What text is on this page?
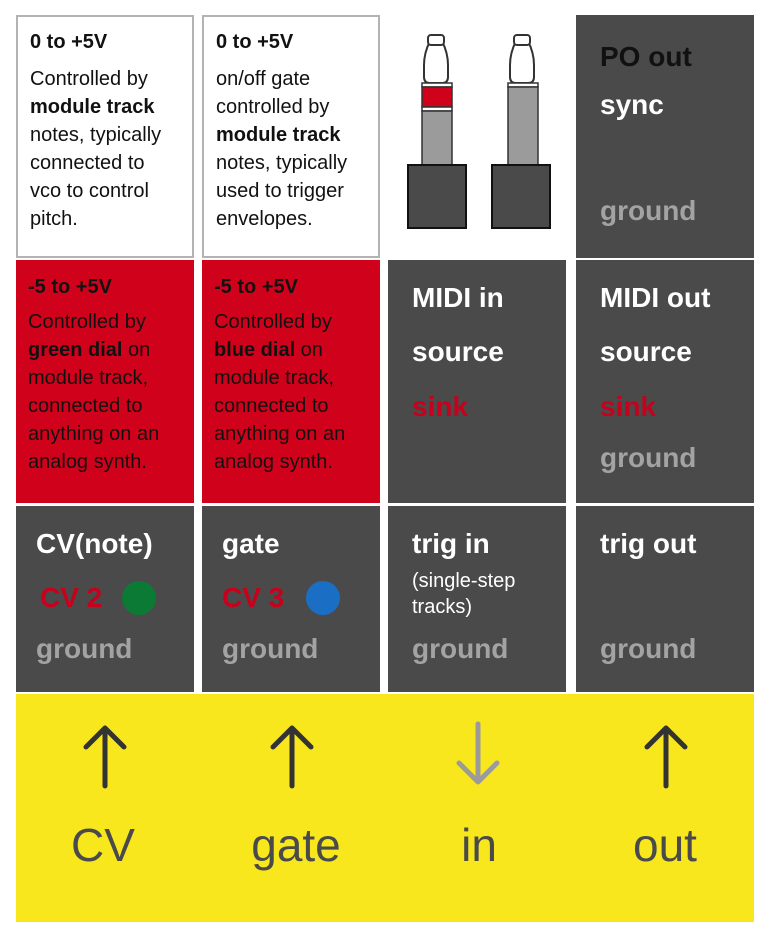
0 to +5V
Controlled by
module track
notes, typically
connected to
vco to control
pitch.
0 to +5V
on/off gate
controlled by
module track
notes, typically
used to trigger
envelopes.
PO out
sync
ground
-5 to +5V
Controlled by
green dial on
module track,
connected to
anything on an
analog synth.
-5 to +5V
Controlled by
blue dial on
module track,
connected to
anything on an
analog synth.
MIDI in
source
sink
MIDI out
source
sink
ground
CV(note)
CV 2
ground
gate
CV 3
ground
trig in
(single-step
tracks)
ground
trig out
ground
CV	gate	in	out
